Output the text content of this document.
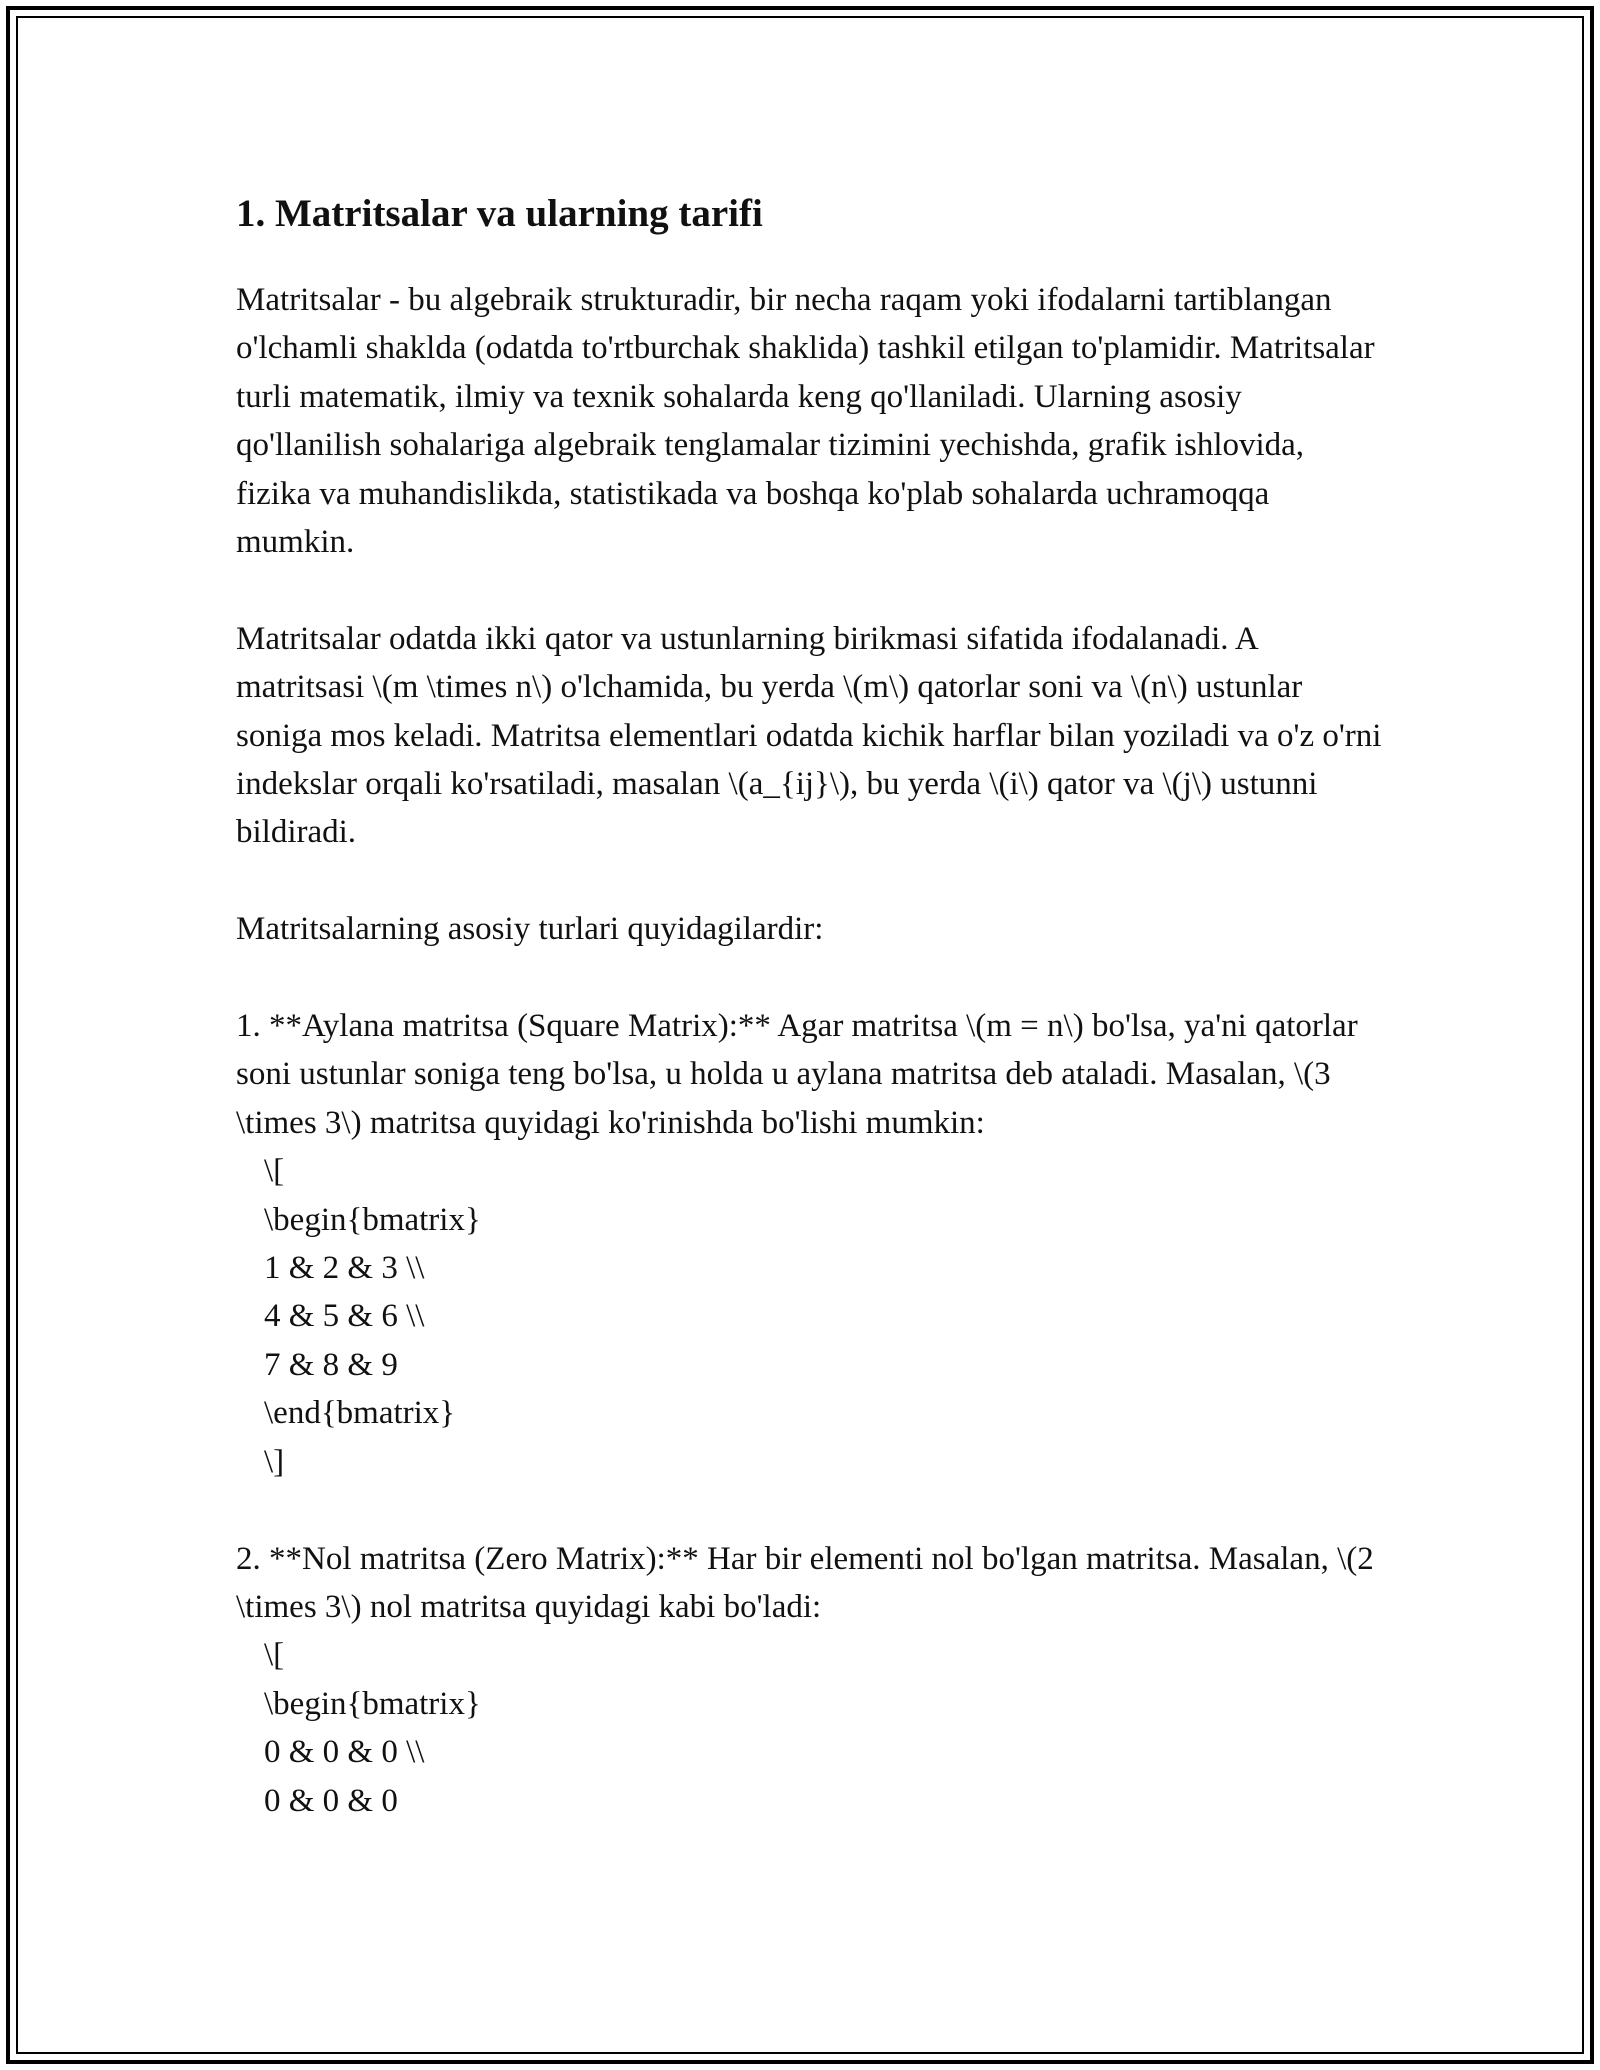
1. Matritsalar va ularning tarifi

Matritsalar - bu algebraik strukturadir, bir necha raqam yoki ifodalarni tartiblangan o'lchamli shaklda (odatda to'rtburchak shaklida) tashkil etilgan to'plamidir. Matritsalar turli matematik, ilmiy va texnik sohalarda keng qo'llaniladi. Ularning asosiy qo'llanilish sohalariga algebraik tenglamalar tizimini yechishda, grafik ishlovida, fizika va muhandislikda, statistikada va boshqa ko'plab sohalarda uchramoqqa mumkin.

Matritsalar odatda ikki qator va ustunlarning birikmasi sifatida ifodalanadi. A matritsasi \(m \times n\) o'lchamida, bu yerda \(m\) qatorlar soni va \(n\) ustunlar soniga mos keladi. Matritsa elementlari odatda kichik harflar bilan yoziladi va o'z o'rni indekslar orqali ko'rsatiladi, masalan \(a_{ij}\), bu yerda \(i\) qator va \(j\) ustunni bildiradi.

Matritsalarning asosiy turlari quyidagilardir:

1. **Aylana matritsa (Square Matrix):** Agar matritsa \(m = n\) bo'lsa, ya'ni qatorlar soni ustunlar soniga teng bo'lsa, u holda u aylana matritsa deb ataladi. Masalan, \(3 \times 3\) matritsa quyidagi ko'rinishda bo'lishi mumkin:

\[

\begin{bmatrix}

1 & 2 & 3 \\

4 & 5 & 6 \\

7 & 8 & 9

\end{bmatrix}

\]

2. **Nol matritsa (Zero Matrix):** Har bir elementi nol bo'lgan matritsa. Masalan, \(2 \times 3\) nol matritsa quyidagi kabi bo'ladi:

\[

\begin{bmatrix}

0 & 0 & 0 \\

0 & 0 & 0
